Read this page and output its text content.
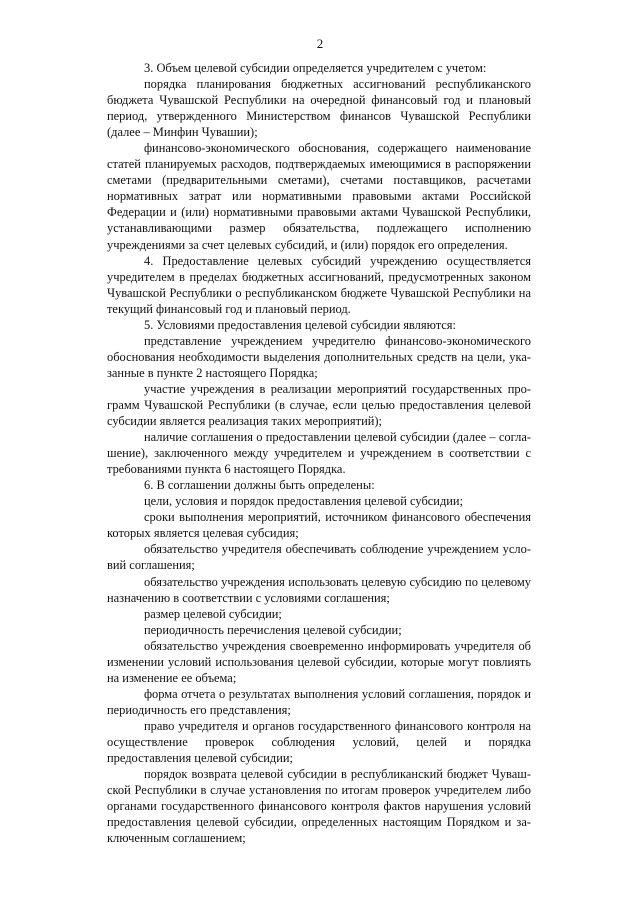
2

3. Объем целевой субсидии определяется учредителем с учетом:

порядка планирования бюджетных ассигнований республиканского бюджета Чувашской Республики на очередной финансовый год и плановый период, утвержденного Министерством финансов Чувашской Республики (далее – Минфин Чувашии);

финансово-экономического обоснования, содержащего наименование статей планируемых расходов, подтверждаемых имеющимися в распоряжении сметами (предварительными сметами), счетами поставщиков, расчетами нормативных затрат или нормативными правовыми актами Российской Федерации и (или) нормативными правовыми актами Чувашской Республики, устанавливающими размер обязательства, подлежащего исполнению учреждениями за счет целевых субсидий, и (или) порядок его определения.

4. Предоставление целевых субсидий учреждению осуществляется учредителем в пределах бюджетных ассигнований, предусмотренных законом Чувашской Республики о республиканском бюджете Чувашской Республики на текущий финансовый год и плановый период.

5. Условиями предоставления целевой субсидии являются:

представление учреждением учредителю финансово-экономического обоснования необходимости выделения дополнительных средств на цели, указанные в пункте 2 настоящего Порядка;

участие учреждения в реализации мероприятий государственных программ Чувашской Республики (в случае, если целью предоставления целевой субсидии является реализация таких мероприятий);

наличие соглашения о предоставлении целевой субсидии (далее – соглашение), заключенного между учредителем и учреждением в соответствии с требованиями пункта 6 настоящего Порядка.

6. В соглашении должны быть определены:

цели, условия и порядок предоставления целевой субсидии;

сроки выполнения мероприятий, источником финансового обеспечения которых является целевая субсидия;

обязательство учредителя обеспечивать соблюдение учреждением условий соглашения;

обязательство учреждения использовать целевую субсидию по целевому назначению в соответствии с условиями соглашения;

размер целевой субсидии;

периодичность перечисления целевой субсидии;

обязательство учреждения своевременно информировать учредителя об изменении условий использования целевой субсидии, которые могут повлиять на изменение ее объема;

форма отчета о результатах выполнения условий соглашения, порядок и периодичность его представления;

право учредителя и органов государственного финансового контроля на осуществление проверок соблюдения условий, целей и порядка предоставления целевой субсидии;

порядок возврата целевой субсидии в республиканский бюджет Чувашской Республики в случае установления по итогам проверок учредителем либо органами государственного финансового контроля фактов нарушения условий предоставления целевой субсидии, определенных настоящим Порядком и заключенным соглашением;
